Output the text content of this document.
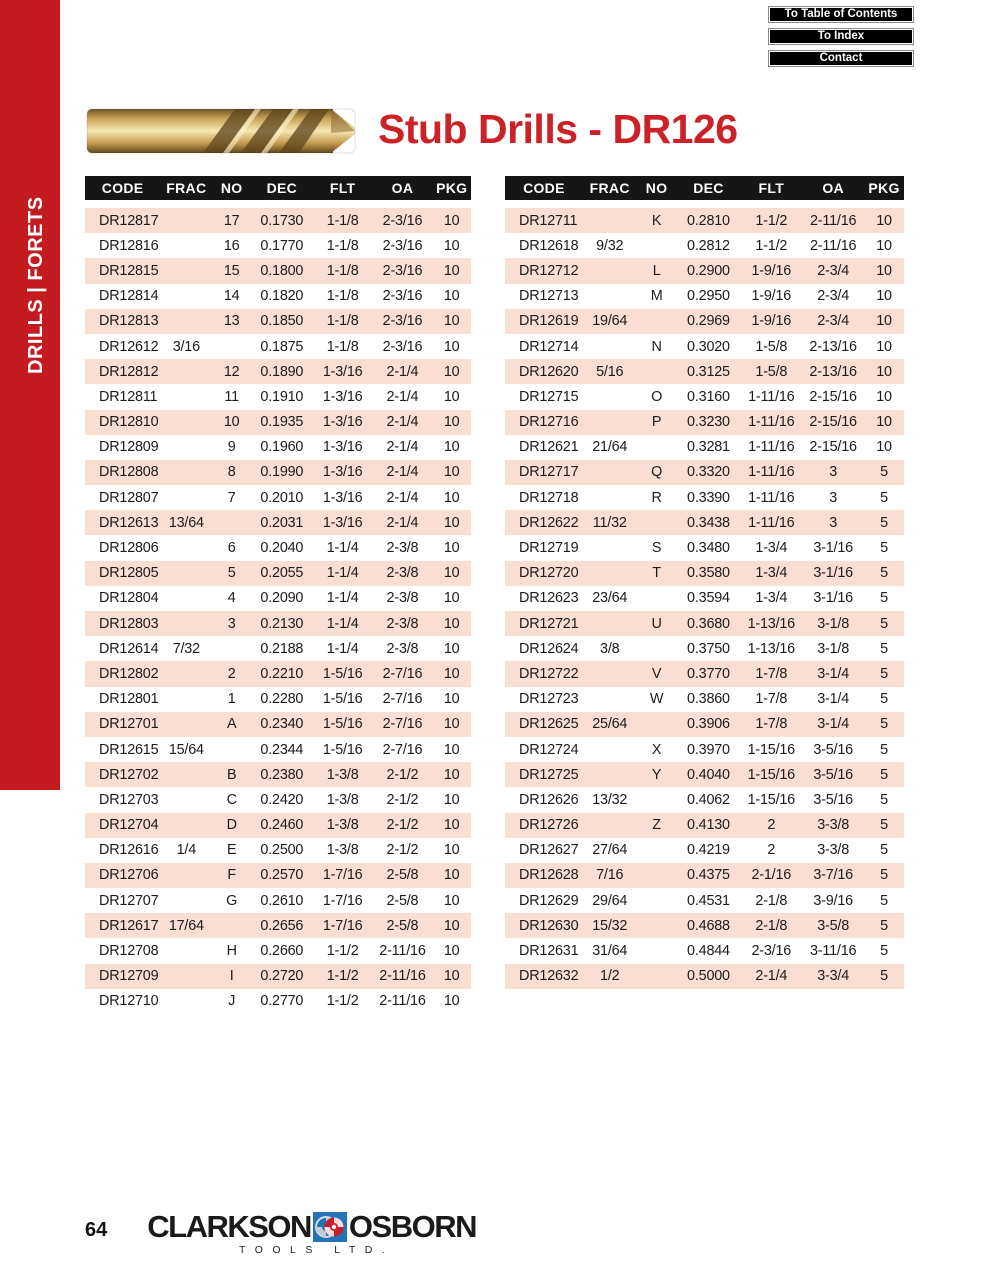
DRILLS | FORETS
To Table of Contents
To Index
Contact
Stub Drills - DR126
CODE	FRAC	NO	DEC	FLT	OA	PKG
DR12817		17	0.1730	1-1/8	2-3/16	10
DR12816		16	0.1770	1-1/8	2-3/16	10
DR12815		15	0.1800	1-1/8	2-3/16	10
DR12814		14	0.1820	1-1/8	2-3/16	10
DR12813		13	0.1850	1-1/8	2-3/16	10
DR12612	3/16		0.1875	1-1/8	2-3/16	10
DR12812		12	0.1890	1-3/16	2-1/4	10
DR12811		11	0.1910	1-3/16	2-1/4	10
DR12810		10	0.1935	1-3/16	2-1/4	10
DR12809		9	0.1960	1-3/16	2-1/4	10
DR12808		8	0.1990	1-3/16	2-1/4	10
DR12807		7	0.2010	1-3/16	2-1/4	10
DR12613	13/64		0.2031	1-3/16	2-1/4	10
DR12806		6	0.2040	1-1/4	2-3/8	10
DR12805		5	0.2055	1-1/4	2-3/8	10
DR12804		4	0.2090	1-1/4	2-3/8	10
DR12803		3	0.2130	1-1/4	2-3/8	10
DR12614	7/32		0.2188	1-1/4	2-3/8	10
DR12802		2	0.2210	1-5/16	2-7/16	10
DR12801		1	0.2280	1-5/16	2-7/16	10
DR12701		A	0.2340	1-5/16	2-7/16	10
DR12615	15/64		0.2344	1-5/16	2-7/16	10
DR12702		B	0.2380	1-3/8	2-1/2	10
DR12703		C	0.2420	1-3/8	2-1/2	10
DR12704		D	0.2460	1-3/8	2-1/2	10
DR12616	1/4	E	0.2500	1-3/8	2-1/2	10
DR12706		F	0.2570	1-7/16	2-5/8	10
DR12707		G	0.2610	1-7/16	2-5/8	10
DR12617	17/64		0.2656	1-7/16	2-5/8	10
DR12708		H	0.2660	1-1/2	2-11/16	10
DR12709		I	0.2720	1-1/2	2-11/16	10
DR12710		J	0.2770	1-1/2	2-11/16	10
CODE	FRAC	NO	DEC	FLT	OA	PKG
DR12711		K	0.2810	1-1/2	2-11/16	10
DR12618	9/32		0.2812	1-1/2	2-11/16	10
DR12712		L	0.2900	1-9/16	2-3/4	10
DR12713		M	0.2950	1-9/16	2-3/4	10
DR12619	19/64		0.2969	1-9/16	2-3/4	10
DR12714		N	0.3020	1-5/8	2-13/16	10
DR12620	5/16		0.3125	1-5/8	2-13/16	10
DR12715		O	0.3160	1-11/16	2-15/16	10
DR12716		P	0.3230	1-11/16	2-15/16	10
DR12621	21/64		0.3281	1-11/16	2-15/16	10
DR12717		Q	0.3320	1-11/16	3	5
DR12718		R	0.3390	1-11/16	3	5
DR12622	11/32		0.3438	1-11/16	3	5
DR12719		S	0.3480	1-3/4	3-1/16	5
DR12720		T	0.3580	1-3/4	3-1/16	5
DR12623	23/64		0.3594	1-3/4	3-1/16	5
DR12721		U	0.3680	1-13/16	3-1/8	5
DR12624	3/8		0.3750	1-13/16	3-1/8	5
DR12722		V	0.3770	1-7/8	3-1/4	5
DR12723		W	0.3860	1-7/8	3-1/4	5
DR12625	25/64		0.3906	1-7/8	3-1/4	5
DR12724		X	0.3970	1-15/16	3-5/16	5
DR12725		Y	0.4040	1-15/16	3-5/16	5
DR12626	13/32		0.4062	1-15/16	3-5/16	5
DR12726		Z	0.4130	2	3-3/8	5
DR12627	27/64		0.4219	2	3-3/8	5
DR12628	7/16		0.4375	2-1/16	3-7/16	5
DR12629	29/64		0.4531	2-1/8	3-9/16	5
DR12630	15/32		0.4688	2-1/8	3-5/8	5
DR12631	31/64		0.4844	2-3/16	3-11/16	5
DR12632	1/2		0.5000	2-1/4	3-3/4	5
64 CLARKSON OSBORN
TOOLS LTD.
